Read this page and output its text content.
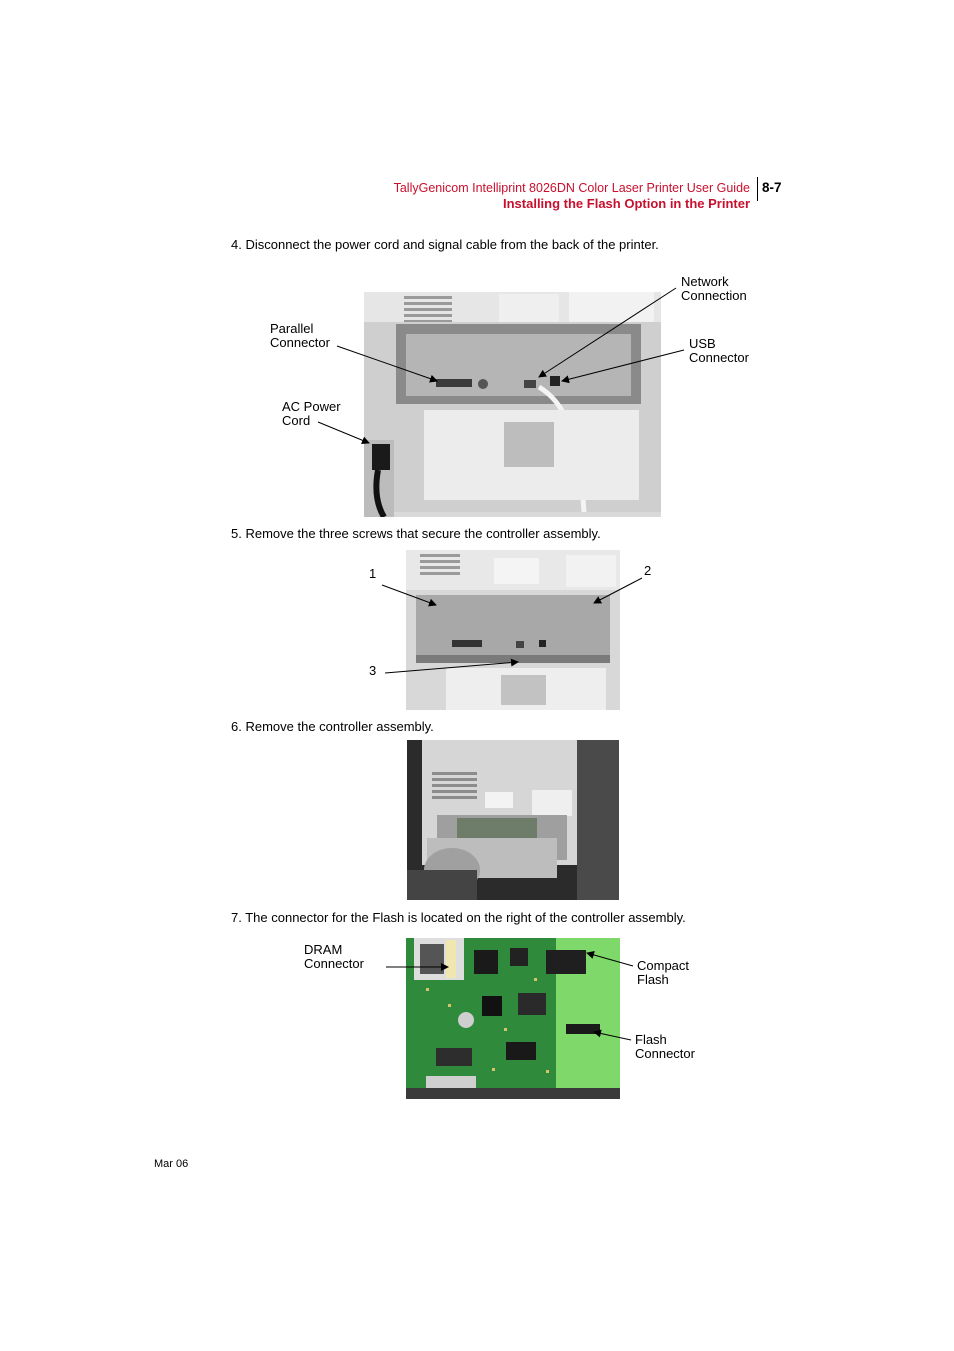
TallyGenicom Intelliprint 8026DN Color Laser Printer User Guide
Installing the Flash Option in the Printer
8-7
4. Disconnect the power cord and signal cable from the back of the printer.
Parallel
Connector
AC Power
Cord
Network
Connection
USB
Connector
5. Remove the three screws that secure the controller assembly.
1	2
3
6. Remove the controller assembly.
7. The connector for the Flash is located on the right of the controller assembly.
DRAM
Connector	Compact
Flash
Flash
Connector
Mar 06
